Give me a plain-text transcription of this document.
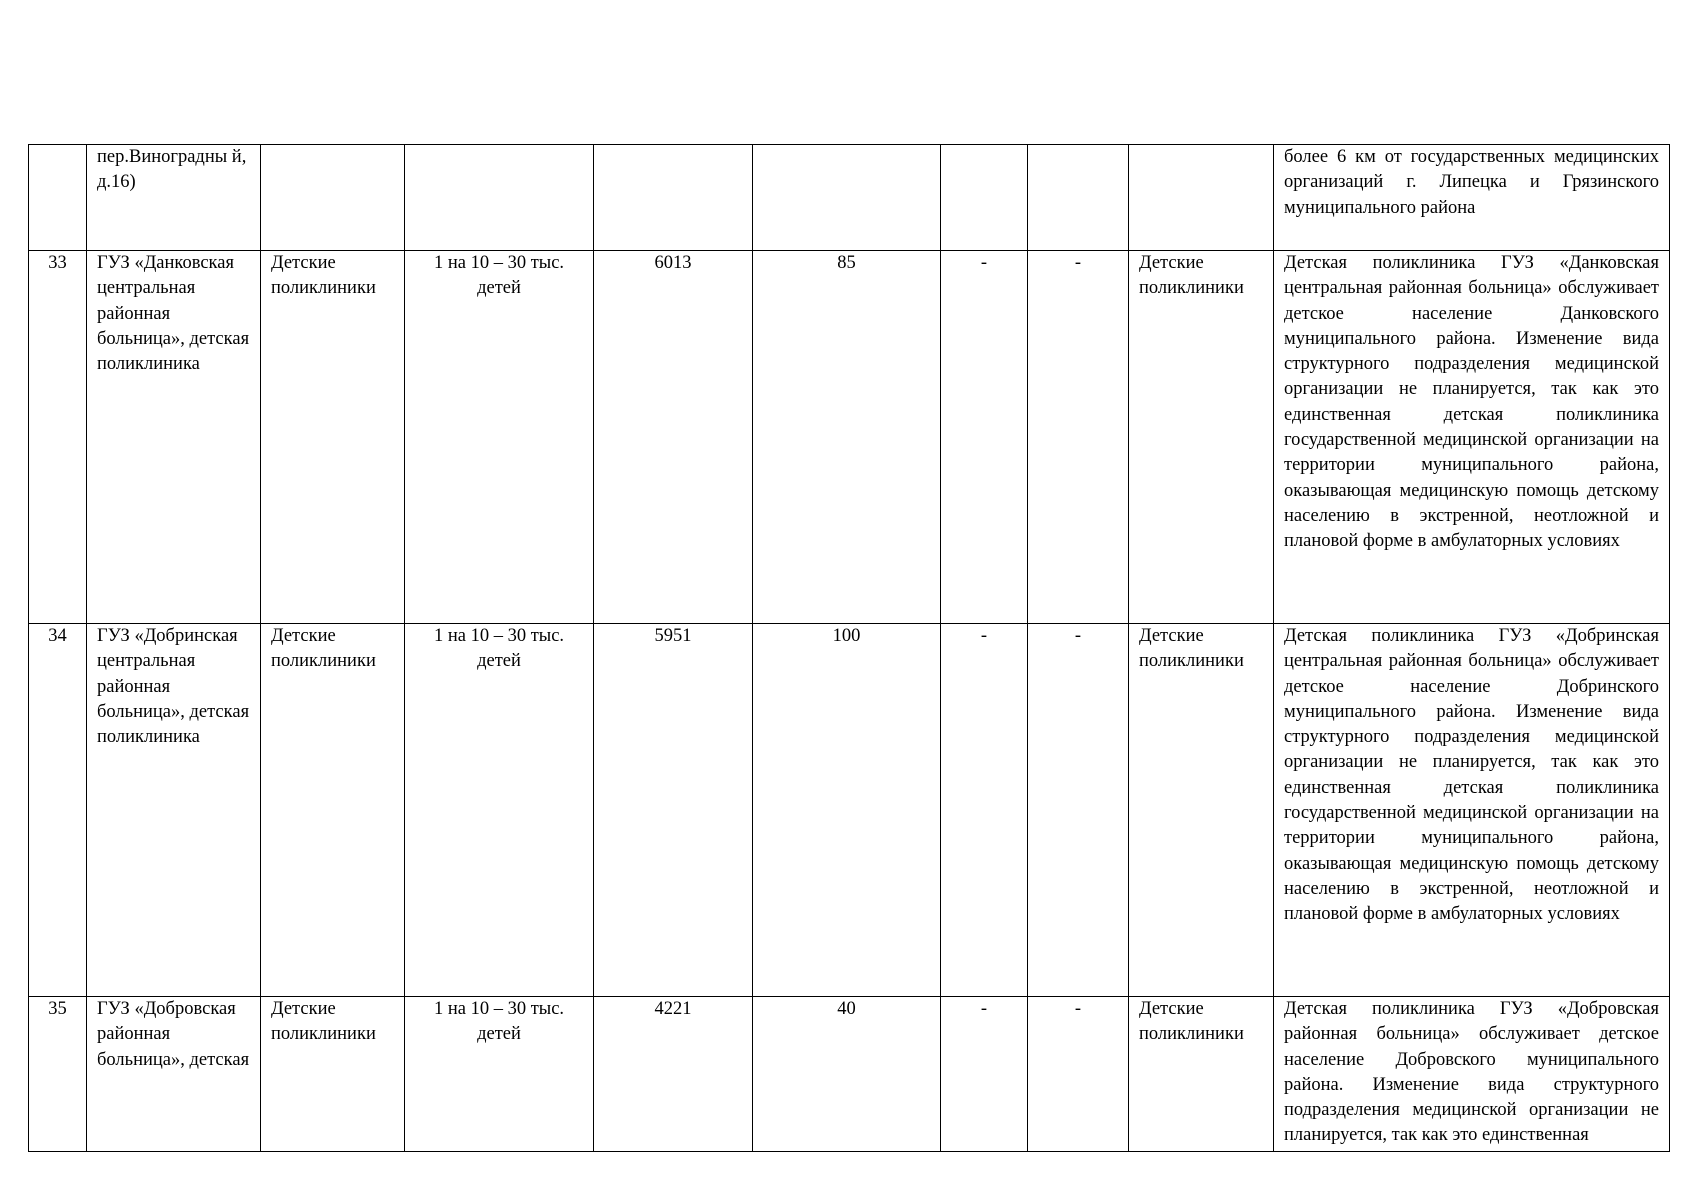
	пер.Виноградны й, д.16)								более 6 км от государственных медицинских организаций г. Липецка и Грязинского муниципального района
33	ГУЗ «Данковская центральная районная больница», детская поликлиника	Детские поликлиники	1 на 10 – 30 тыс. детей	6013	85	-	-	Детские поликлиники	Детская поликлиника ГУЗ «Данковская центральная районная больница» обслуживает детское население Данковского муниципального района. Изменение вида структурного подразделения медицинской организации не планируется, так как это единственная детская поликлиника государственной медицинской организации на территории муниципального района, оказывающая медицинскую помощь детскому населению в экстренной, неотложной и плановой форме в амбулаторных условиях
34	ГУЗ «Добринская центральная районная больница», детская поликлиника	Детские поликлиники	1 на 10 – 30 тыс. детей	5951	100	-	-	Детские поликлиники	Детская поликлиника ГУЗ «Добринская центральная районная больница» обслуживает детское население Добринского муниципального района. Изменение вида структурного подразделения медицинской организации не планируется, так как это единственная детская поликлиника государственной медицинской организации на территории муниципального района, оказывающая медицинскую помощь детскому населению в экстренной, неотложной и плановой форме в амбулаторных условиях
35	ГУЗ «Добровская районная больница», детская	Детские поликлиники	1 на 10 – 30 тыс. детей	4221	40	-	-	Детские поликлиники	Детская поликлиника ГУЗ «Добровская районная больница» обслуживает детское население Добровского муниципального района. Изменение вида структурного подразделения медицинской организации не планируется, так как это единственная
